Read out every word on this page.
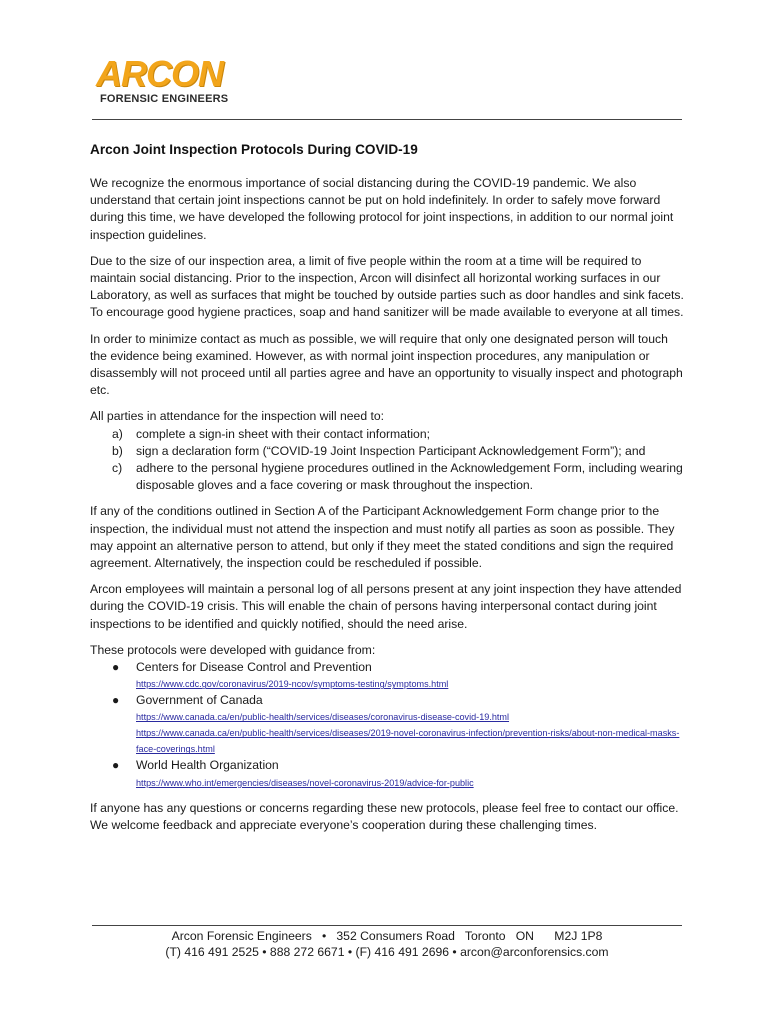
ARCON
FORENSIC ENGINEERS
Arcon Joint Inspection Protocols During COVID-19

We recognize the enormous importance of social distancing during the COVID-19 pandemic. We also understand that certain joint inspections cannot be put on hold indefinitely. In order to safely move forward during this time, we have developed the following protocol for joint inspections, in addition to our normal joint inspection guidelines.

Due to the size of our inspection area, a limit of five people within the room at a time will be required to maintain social distancing. Prior to the inspection, Arcon will disinfect all horizontal working surfaces in our Laboratory, as well as surfaces that might be touched by outside parties such as door handles and sink facets. To encourage good hygiene practices, soap and hand sanitizer will be made available to everyone at all times.

In order to minimize contact as much as possible, we will require that only one designated person will touch the evidence being examined. However, as with normal joint inspection procedures, any manipulation or disassembly will not proceed until all parties agree and have an opportunity to visually inspect and photograph etc.

All parties in attendance for the inspection will need to:
a) complete a sign-in sheet with their contact information;
b) sign a declaration form (“COVID-19 Joint Inspection Participant Acknowledgement Form”); and
c) adhere to the personal hygiene procedures outlined in the Acknowledgement Form, including wearing disposable gloves and a face covering or mask throughout the inspection.

If any of the conditions outlined in Section A of the Participant Acknowledgement Form change prior to the inspection, the individual must not attend the inspection and must notify all parties as soon as possible. They may appoint an alternative person to attend, but only if they meet the stated conditions and sign the required agreement. Alternatively, the inspection could be rescheduled if possible.

Arcon employees will maintain a personal log of all persons present at any joint inspection they have attended during the COVID-19 crisis. This will enable the chain of persons having interpersonal contact during joint inspections to be identified and quickly notified, should the need arise.

These protocols were developed with guidance from:
● Centers for Disease Control and Prevention
https://www.cdc.gov/coronavirus/2019-ncov/symptoms-testing/symptoms.html
● Government of Canada
https://www.canada.ca/en/public-health/services/diseases/coronavirus-disease-covid-19.html
https://www.canada.ca/en/public-health/services/diseases/2019-novel-coronavirus-infection/prevention-risks/about-non-medical-masks-face-coverings.html
● World Health Organization
https://www.who.int/emergencies/diseases/novel-coronavirus-2019/advice-for-public

If anyone has any questions or concerns regarding these new protocols, please feel free to contact our office. We welcome feedback and appreciate everyone’s cooperation during these challenging times.

Arcon Forensic Engineers   •   352 Consumers Road   Toronto   ON      M2J 1P8
(T) 416 491 2525 • 888 272 6671 • (F) 416 491 2696 • arcon@arconforensics.com
